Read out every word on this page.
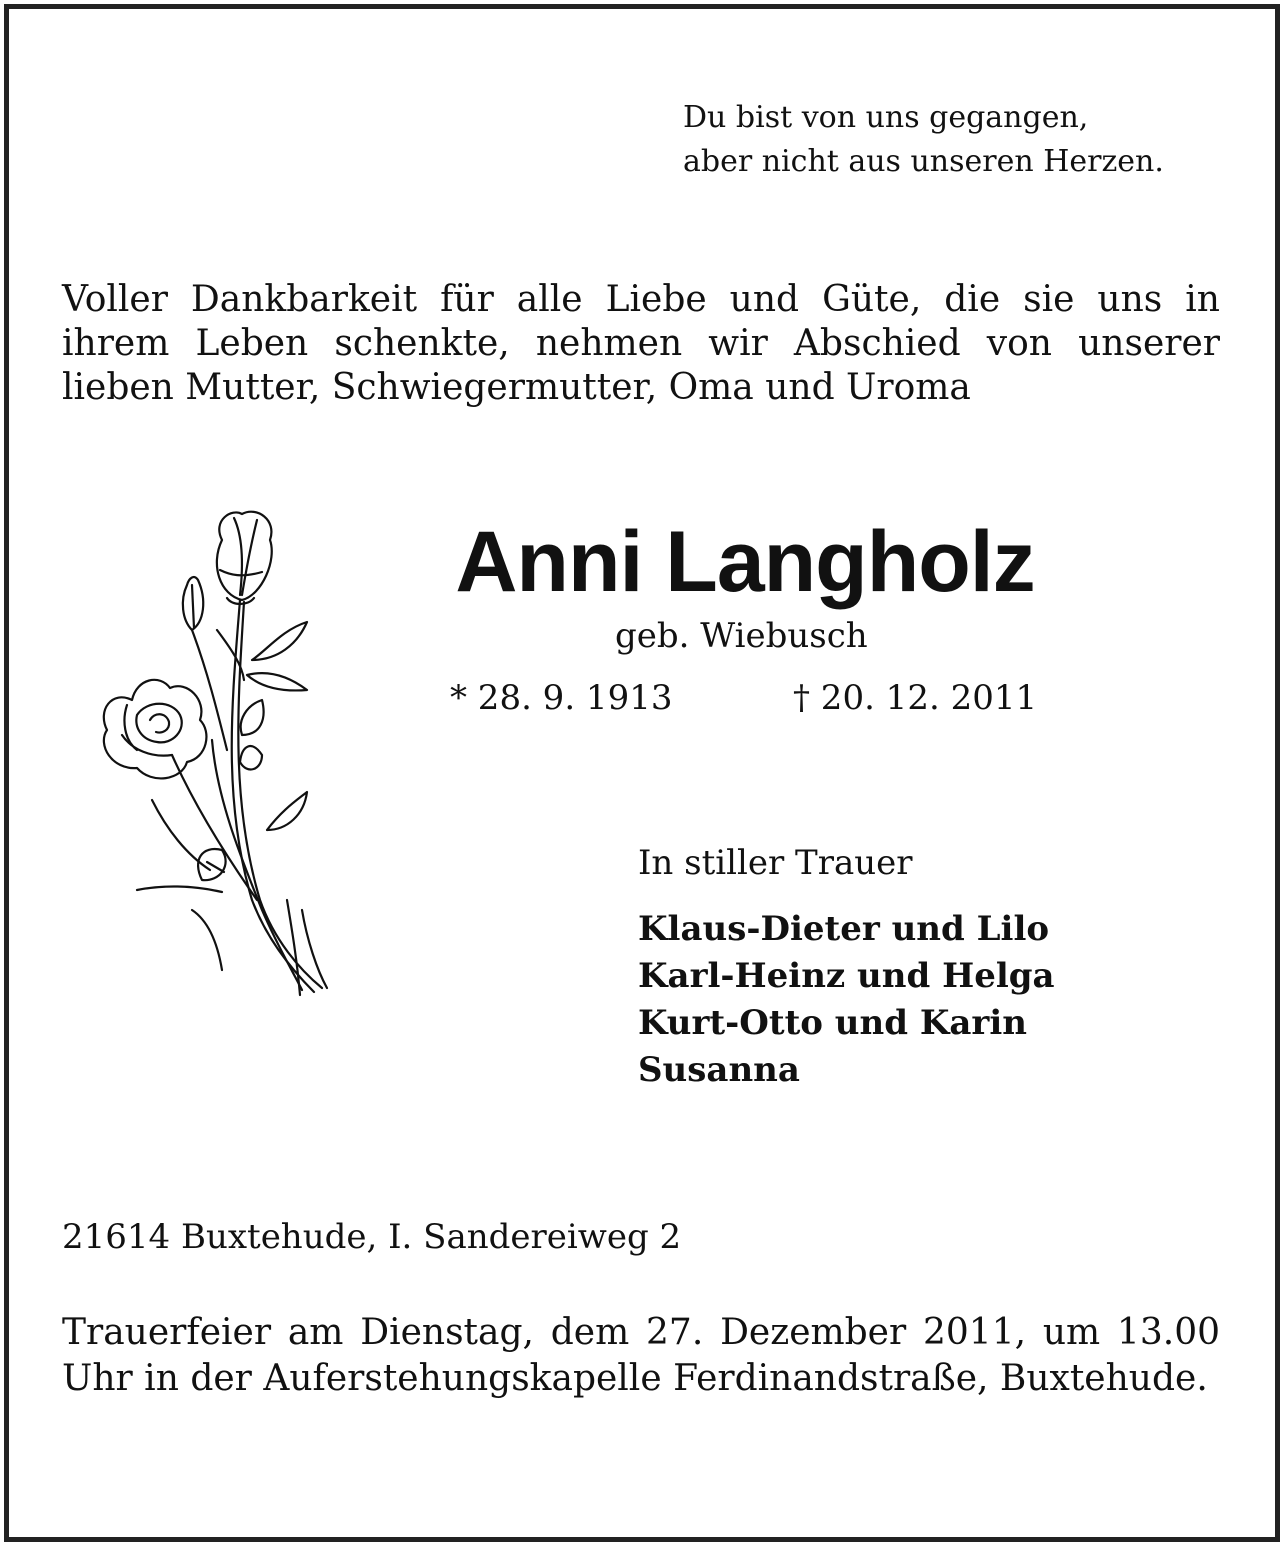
Du bist von uns gegangen,
aber nicht aus unseren Herzen.
Voller Dankbarkeit für alle Liebe und Güte, die sie uns in ihrem Leben schenkte, nehmen wir Abschied von unserer lieben Mutter, Schwiegermutter, Oma und Uroma
Anni Langholz
geb. Wiebusch
* 28. 9. 1913	† 20. 12. 2011
In stiller Trauer
Klaus-Dieter und Lilo
Karl-Heinz und Helga
Kurt-Otto und Karin
Susanna
21614 Buxtehude, I. Sandereiweg 2
Trauerfeier am Dienstag, dem 27. Dezember 2011, um 13.00 Uhr in der Auferstehungskapelle Ferdinandstraße, Buxtehude.
